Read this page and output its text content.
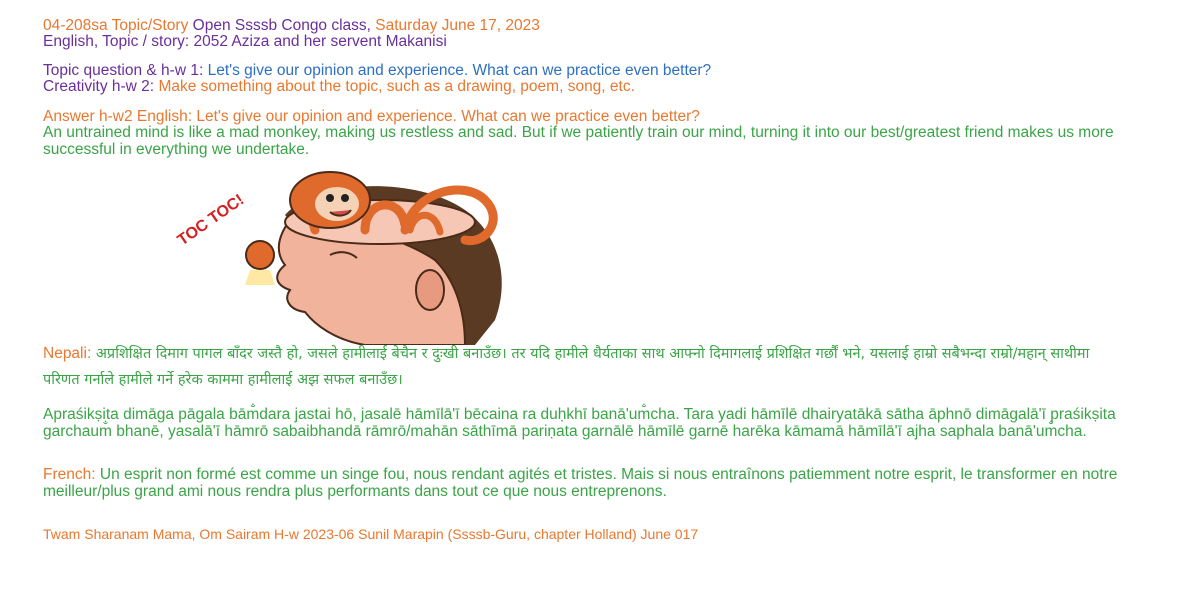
04-208sa Topic/Story Open Ssssb Congo class, Saturday June 17, 2023
English, Topic / story: 2052 Aziza and her servent Makanisi
Topic question & h-w 1: Let's give our opinion and experience. What can we practice even better?
Creativity h-w 2: Make something about the topic, such as a drawing, poem, song, etc.
Answer h-w2 English: Let's give our opinion and experience. What can we practice even better?
An untrained mind is like a mad monkey, making us restless and sad. But if we patiently train our mind, turning it into our best/greatest friend makes us more successful in everything we undertake.
TOC TOC!
Nepali: अप्रशिक्षित दिमाग पागल बाँदर जस्तै हो, जसले हामीलाई बेचैन र दुःखी बनाउँछ। तर यदि हामीले धैर्यताका साथ आफ्नो दिमागलाई प्रशिक्षित गर्छौं भने, यसलाई हाम्रो सबैभन्दा राम्रो/महान् साथीमा परिणत गर्नाले हामीले गर्ने हरेक काममा हामीलाई अझ सफल बनाउँछ।
Apraśikṣita dimāga pāgala bām̐dara jastai hō, jasalē hāmīlā'ī bēcaina ra duḥkhī banā'um̐cha. Tara yadi hāmīlē dhairyatākā sātha āphnō dimāgalā'ī praśikṣita garchaum̐ bhanē, yasalā'ī hāmrō sabaibhandā rāmrō/mahān sāthīmā pariṇata garnālē hāmīlē garnē harēka kāmamā hāmīlā'ī ajha saphala banā'um̐cha.
French: Un esprit non formé est comme un singe fou, nous rendant agités et tristes. Mais si nous entraînons patiemment notre esprit, le transformer en notre meilleur/plus grand ami nous rendra plus performants dans tout ce que nous entreprenons.
Twam Sharanam Mama, Om Sairam H-w 2023-06 Sunil Marapin (Ssssb-Guru, chapter Holland) June 017
